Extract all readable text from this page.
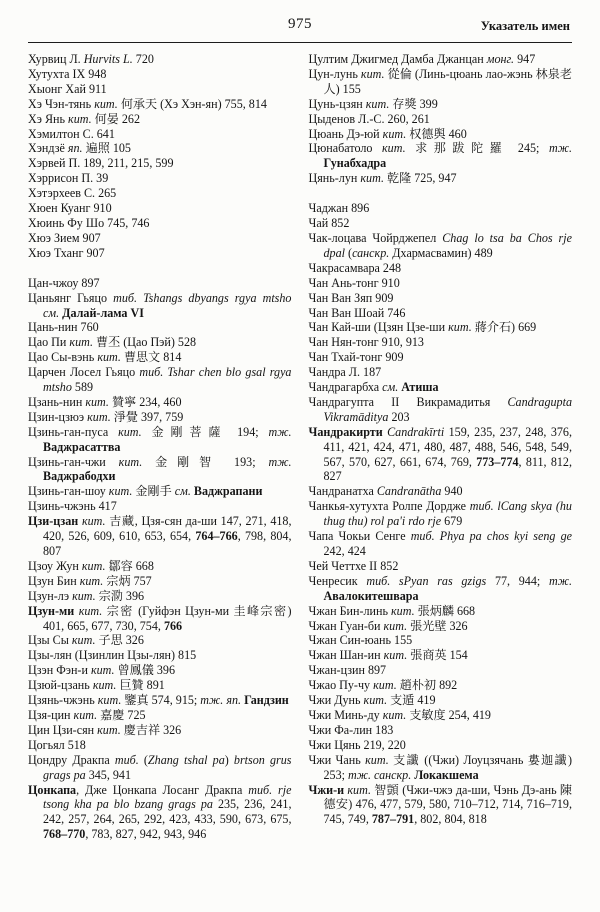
975	Указатель имен

Хурвиц Л. Hurvits L. 720

Хутухта IX 948

Хыонг Хай 911

Хэ Чэн-тянь кит. 何承天 (Хэ Хэн-ян) 755, 814

Хэ Янь кит. 何晏 262

Хэмилтон С. 641

Хэндзё яп. 遍照 105

Хэрвей П. 189, 211, 215, 599

Хэррисон П. 39

Хэтэрхеев С. 265

Хюен Куанг 910

Хюинь Фу Шо 745, 746

Хюэ Зием 907

Хюэ Тханг 907

Цан-чжоу 897

Цаньянг Гьяцо тиб. Tshangs dbyangs rgya mtsho см. Далай-лама VI

Цань-нин 760

Цао Пи кит. 曹丕 (Цао Пэй) 528

Цао Сы-вэнь кит. 曹思文 814

Царчен Лосел Гьяцо тиб. Tshar chen blo gsal rgya mtsho 589

Цзань-нин кит. 贊寧 234, 460

Цзин-цзюэ кит. 淨覺 397, 759

Цзинь-ган-пуса кит. 金剛菩薩 194; тж. Ваджрасаттва

Цзинь-ган-чжи кит. 金剛智 193; тж. Ваджрабодхи

Цзинь-ган-шоу кит. 金剛手 см. Ваджрапани

Цзинь-чжэнь 417

Цзи-цзан кит. 吉藏, Цзя-сян да-ши 147, 271, 418, 420, 526, 609, 610, 653, 654, 764–766, 798, 804, 807

Цзоу Жун кит. 鄒容 668

Цзун Бин кит. 宗炳 757

Цзун-лэ кит. 宗泐 396

Цзун-ми кит. 宗密 (Гуйфэн Цзун-ми 圭峰宗密) 401, 665, 677, 730, 754, 766

Цзы Сы кит. 子思 326

Цзы-лян (Цзинлин Цзы-лян) 815

Цзэн Фэн-и кит. 曾鳳儀 396

Цзюй-цзань кит. 巨贊 891

Цзянь-чжэнь кит. 鑒真 574, 915; тж. яп. Гандзин

Цзя-цин кит. 嘉慶 725

Цин Цзи-сян кит. 慶吉祥 326

Цогьял 518

Цондру Дракпа тиб. (Zhang tshal pa) brtson grus grags pa 345, 941

Цонкапа, Дже Цонкапа Лосанг Дракпа тиб. rje tsong kha pa blo bzang grags pa 235, 236, 241, 242, 257, 264, 265, 292, 423, 433, 590, 673, 675, 768–770, 783, 827, 942, 943, 946

Цултим Джигмед Дамба Джанцан монг. 947

Цун-лунь кит. 從倫 (Линь-цюань лао-жэнь 林泉老人) 155

Цунь-цзян кит. 存獎 399

Цыденов Л.-С. 260, 261

Цюань Дэ-юй кит. 权德舆 460

Цюнабатоло кит. 求那跋陀羅 245; тж. Гунабхадра

Цянь-лун кит. 乾隆 725, 947

Чаджан 896

Чай 852

Чак-лоцава Чойрджепел Chag lo tsa ba Chos rje dpal (санскр. Дхармасвамин) 489

Чакрасамвара 248

Чан Ань-тонг 910

Чан Ван Зяп 909

Чан Ван Шоай 746

Чан Кай-ши (Цзян Цзе-ши кит. 蔣介石) 669

Чан Нян-тонг 910, 913

Чан Тхай-тонг 909

Чандра Л. 187

Чандрагарбха см. Атиша

Чандрагупта II Викрамадитья Candragupta Vikramāditya 203

Чандракирти Candrakīrti 159, 235, 237, 248, 376, 411, 421, 424, 471, 480, 487, 488, 546, 548, 549, 567, 570, 627, 661, 674, 769, 773–774, 811, 812, 827

Чандранатха Candranātha 940

Чанкья-хутухта Ролпе Дордже тиб. lCang skya (hu thug thu) rol pa'i rdo rje 679

Чапа Чокьи Сенге тиб. Phya pa chos kyi seng ge 242, 424

Чей Четтхе II 852

Ченресик тиб. sPyan ras gzigs 77, 944; тж. Авалокитешвара

Чжан Бин-линь кит. 張炳麟 668

Чжан Гуан-би кит. 張光壁 326

Чжан Син-юань 155

Чжан Шан-ин кит. 張商英 154

Чжан-цзин 897

Чжао Пу-чу кит. 趙朴初 892

Чжи Дунь кит. 支遁 419

Чжи Минь-ду кит. 支敏度 254, 419

Чжи Фа-лин 183

Чжи Цянь 219, 220

Чжи Чань кит. 支讖 ((Чжи) Лоуцзячань 婁迦讖) 253; тж. санскр. Локакшема

Чжи-и кит. 智顗 (Чжи-чжэ да-ши, Чэнь Дэ-ань 陳德安) 476, 477, 579, 580, 710–712, 714, 716–719, 745, 749, 787–791, 802, 804, 818
